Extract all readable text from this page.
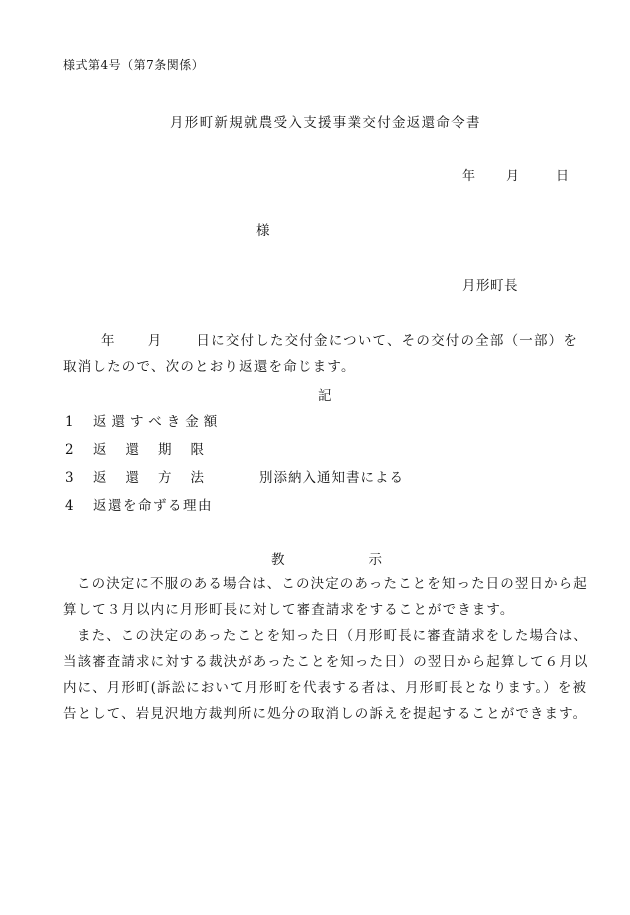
様式第4号（第7条関係）
月形町新規就農受入支援事業交付金返還命令書
年 月	日
様
月形町長
年 月	日に交付した交付金について、その交付の全部（一部）を取消したので、次のとおり返還を命じます。
記
1 返還すべき金額
2 返還期限
3 返還方法	別添納入通知書による
4 返還を命ずる理由
教	示

この決定に不服のある場合は、この決定のあったことを知った日の翌日から起算して３月以内に月形町長に対して審査請求をすることができます。

また、この決定のあったことを知った日（月形町長に審査請求をした場合は、当該審査請求に対する裁決があったことを知った日）の翌日から起算して６月以内に、月形町(訴訟において月形町を代表する者は、月形町長となります。）を被告として、岩見沢地方裁判所に処分の取消しの訴えを提起することができます。
